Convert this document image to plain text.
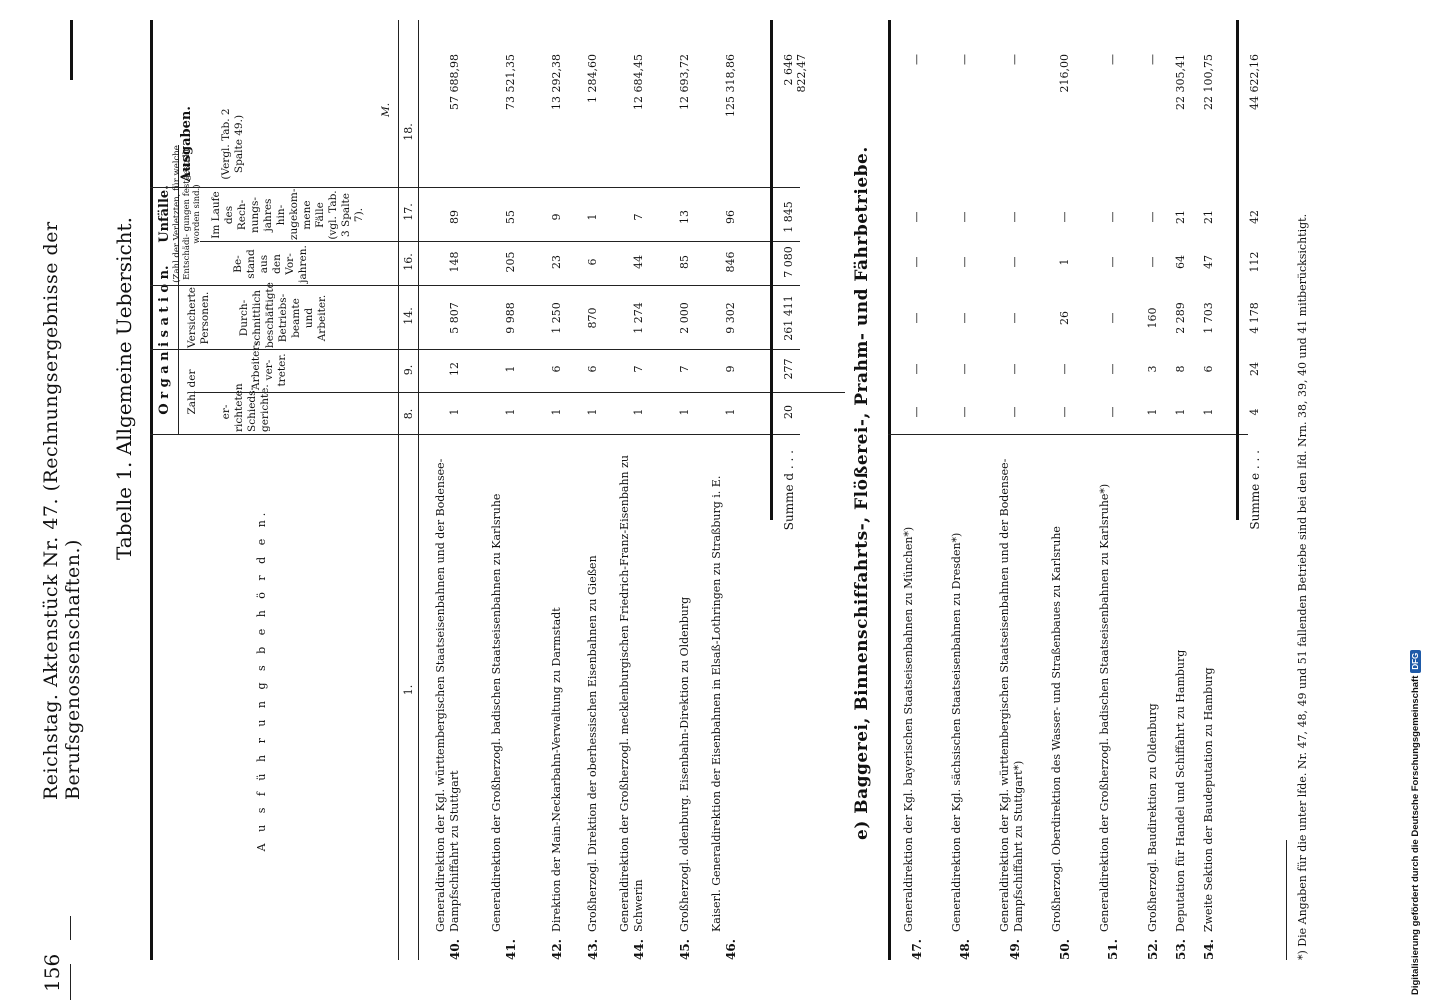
156
Reichstag. Aktenstück Nr. 47. (Rechnungsergebnisse der Berufsgenossenschaften.)
Tabelle 1. Allgemeine Uebersicht.
A u s f ü h r u n g s b e h ö r d e n.
O r g a n i s a t i o n. Zahl der er- richteten Schieds- gerichte.
Arbeiter- ver- treter.
Versicherte Personen.	Durch- schnittlich beschäftigte Betriebs- beamte und Arbeiter.
Unfälle. (Zahl der Verletzten, für welche Entschädi- gungen festgestellt worden sind.)
Be- stand aus den Vor- jahren.
Im Laufe des Rech- nungs- jahres hin- zugekom- mene Fälle (vgl. Tab. 3 Spalte 7).
Ausgaben. (Vergl. Tab. 2 Spalte 49.)
M.
1.
8.
9.
14.
16.
17.
18.
40.
Generaldirektion der Kgl. württembergischen Staatseisenbahnen und der Bodensee-Dampfschiffahrt zu Stuttgart
1
12
5 807
148
89
57 688,98
41.
Generaldirektion der Großherzogl. badischen Staatseisenbahnen zu Karlsruhe
1
1
9 988
205
55
73 521,35
42.
Direktion der Main-Neckarbahn-Verwaltung zu Darmstadt
1
6
1 250
23
9
13 292,38
43.
Großherzogl. Direktion der oberhessischen Eisenbahnen zu Gießen
1
6
870
6
1
1 284,60
44.
Generaldirektion der Großherzogl. mecklenburgischen Friedrich-Franz-Eisenbahn zu Schwerin
1
7
1 274
44
7
12 684,45
45.
Großherzogl. oldenburg. Eisenbahn-Direktion zu Oldenburg
1
7
2 000
85
13
12 693,72
46.
Kaiserl. Generaldirektion der Eisenbahnen in Elsaß-Lothringen zu Straßburg i. E.
1
9
9 302
846
96
125 318,86
Summe d . . .
20
277
261 411
7 080
1 845
2 646 822,47
e) Baggerei, Binnenschiffahrts-, Flößerei-, Prahm- und Fährbetriebe.
47.
Generaldirektion der Kgl. bayerischen Staatseisenbahnen zu München*)
—
—
—
—
—
—
48.
Generaldirektion der Kgl. sächsischen Staatseisenbahnen zu Dresden*)
—
—
—
—
—
—
49.
Generaldirektion der Kgl. württembergischen Staatseisenbahnen und der Bodensee-Dampfschiffahrt zu Stuttgart*)
—
—
—
—
—
—
50.
Großherzogl. Oberdirektion des Wasser- und Straßenbaues zu Karlsruhe
—
—
26
1
—
216,00
51.
Generaldirektion der Großherzogl. badischen Staatseisenbahnen zu Karlsruhe*)
—
—
—
—
—
—
52.
Großherzogl. Baudirektion zu Oldenburg
1
3
160
—
—
—
53.
Deputation für Handel und Schiffahrt zu Hamburg
1
8
2 289
64
21
22 305,41
54.
Zweite Sektion der Baudeputation zu Hamburg
1
6
1 703
47
21
22 100,75
Summe e . . .
4
24
4 178
112
42
44 622,16
*) Die Angaben für die unter lfde. Nr. 47, 48, 49 und 51 fallenden Betriebe sind bei den lfd. Nrn. 38, 39, 40 und 41 mitberücksichtigt.	Digitalisierung gefördert durch die Deutsche ForschungsgemeinschaftDFG
